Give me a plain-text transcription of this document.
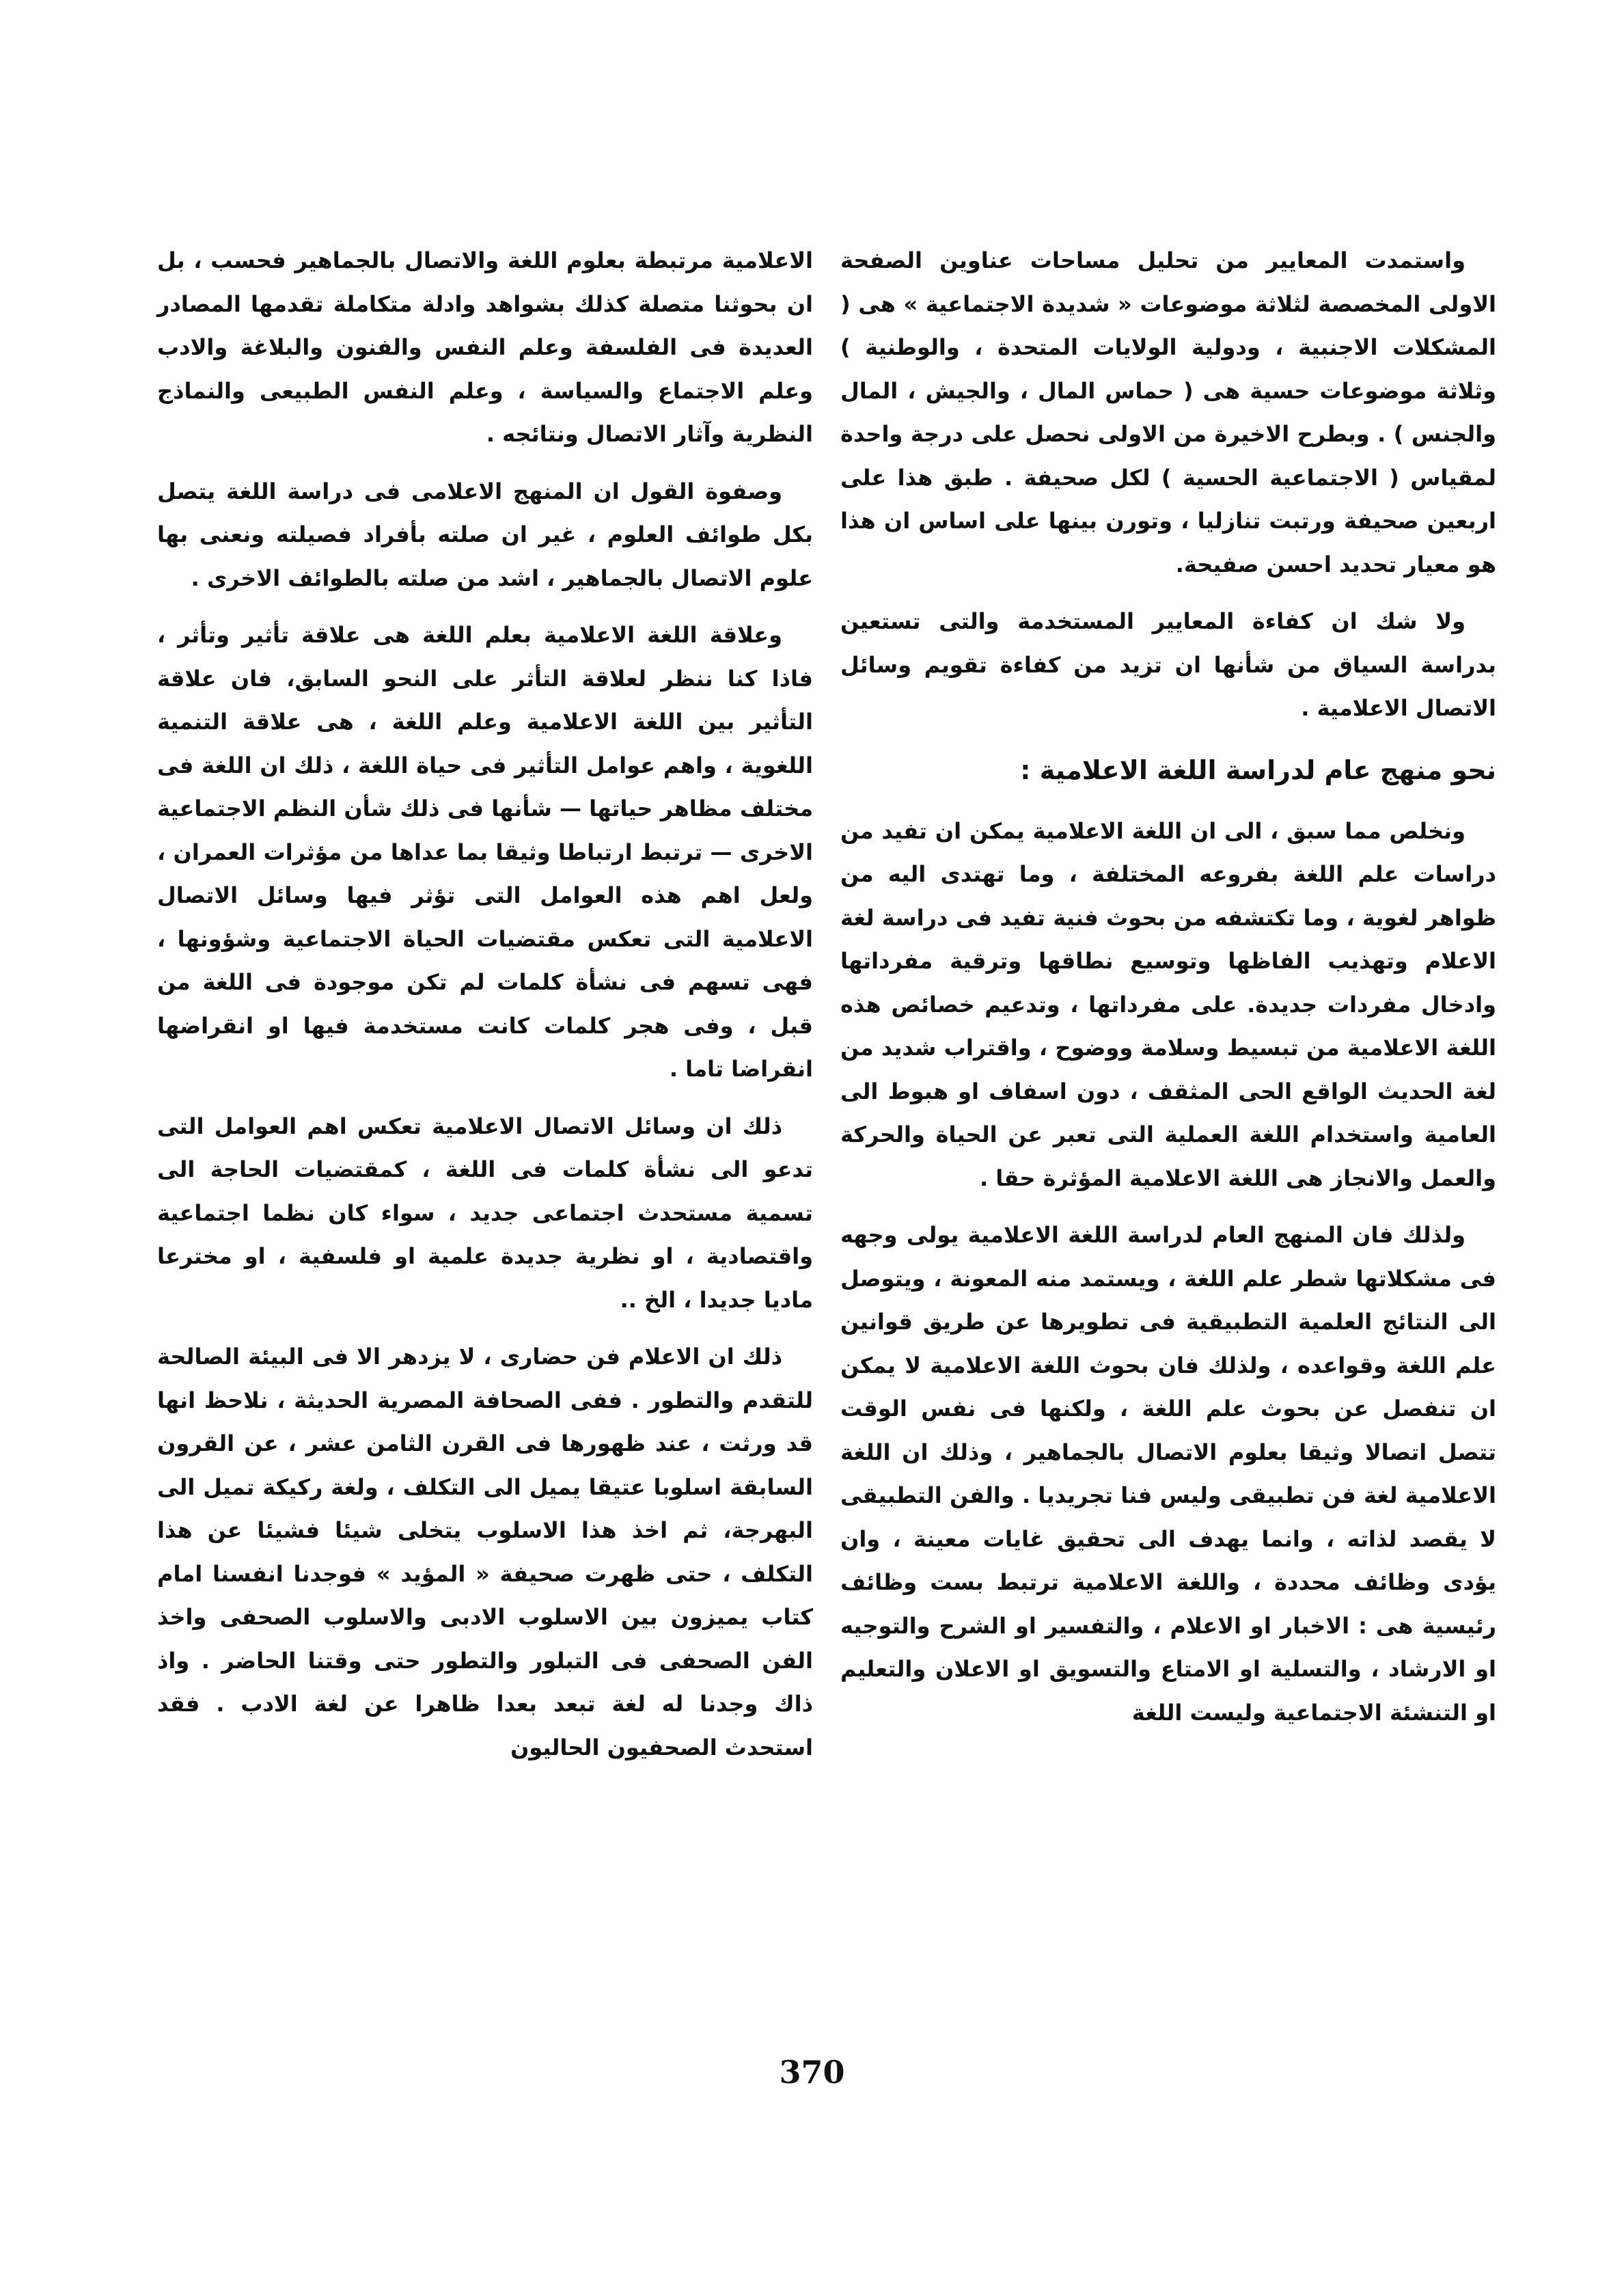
واستمدت المعايير من تحليل مساحات عناوين الصفحة الاولى المخصصة لثلاثة موضوعات « شديدة الاجتماعية » هى ( المشكلات الاجنبية ، ودولية الولايات المتحدة ، والوطنية ) وثلاثة موضوعات حسية هى ( حماس المال ، والجيش ، المال والجنس ) . وبطرح الاخيرة من الاولى نحصل على درجة واحدة لمقياس ( الاجتماعية الحسية ) لكل صحيفة . طبق هذا على اربعين صحيفة ورتبت تنازليا ، وتورن بينها على اساس ان هذا هو معيار تحديد احسن صفيحة.

ولا شك ان كفاءة المعايير المستخدمة والتى تستعين بدراسة السياق من شأنها ان تزيد من كفاءة تقويم وسائل الاتصال الاعلامية .

نحو منهج عام لدراسة اللغة الاعلامية :

ونخلص مما سبق ، الى ان اللغة الاعلامية يمكن ان تفيد من دراسات علم اللغة بفروعه المختلفة ، وما تهتدى اليه من ظواهر لغوية ، وما تكتشفه من بحوث فنية تفيد فى دراسة لغة الاعلام وتهذيب الفاظها وتوسيع نطاقها وترقية مفرداتها وادخال مفردات جديدة. على مفرداتها ، وتدعيم خصائص هذه اللغة الاعلامية من تبسيط وسلامة ووضوح ، واقتراب شديد من لغة الحديث الواقع الحى المثقف ، دون اسفاف او هبوط الى العامية واستخدام اللغة العملية التى تعبر عن الحياة والحركة والعمل والانجاز هى اللغة الاعلامية المؤثرة حقا .

ولذلك فان المنهج العام لدراسة اللغة الاعلامية يولى وجهه فى مشكلاتها شطر علم اللغة ، ويستمد منه المعونة ، ويتوصل الى النتائج العلمية التطبيقية فى تطويرها عن طريق قوانين علم اللغة وقواعده ، ولذلك فان بحوث اللغة الاعلامية لا يمكن ان تنفصل عن بحوث علم اللغة ، ولكنها فى نفس الوقت تتصل اتصالا وثيقا بعلوم الاتصال بالجماهير ، وذلك ان اللغة الاعلامية لغة فن تطبيقى وليس فنا تجريديا . والفن التطبيقى لا يقصد لذاته ، وانما يهدف الى تحقيق غايات معينة ، وان يؤدى وظائف محددة ، واللغة الاعلامية ترتبط بست وظائف رئيسية هى : الاخبار او الاعلام ، والتفسير او الشرح والتوجيه او الارشاد ، والتسلية او الامتاع والتسويق او الاعلان والتعليم او التنشئة الاجتماعية وليست اللغة

الاعلامية مرتبطة بعلوم اللغة والاتصال بالجماهير فحسب ، بل ان بحوثنا متصلة كذلك بشواهد وادلة متكاملة تقدمها المصادر العديدة فى الفلسفة وعلم النفس والفنون والبلاغة والادب وعلم الاجتماع والسياسة ، وعلم النفس الطبيعى والنماذج النظرية وآثار الاتصال ونتائجه .

وصفوة القول ان المنهج الاعلامى فى دراسة اللغة يتصل بكل طوائف العلوم ، غير ان صلته بأفراد فصيلته ونعنى بها علوم الاتصال بالجماهير ، اشد من صلته بالطوائف الاخرى .

وعلاقة اللغة الاعلامية بعلم اللغة هى علاقة تأثير وتأثر ، فاذا كنا ننظر لعلاقة التأثر على النحو السابق، فان علاقة التأثير بين اللغة الاعلامية وعلم اللغة ، هى علاقة التنمية اللغوية ، واهم عوامل التأثير فى حياة اللغة ، ذلك ان اللغة فى مختلف مظاهر حياتها — شأنها فى ذلك شأن النظم الاجتماعية الاخرى — ترتبط ارتباطا وثيقا بما عداها من مؤثرات العمران ، ولعل اهم هذه العوامل التى تؤثر فيها وسائل الاتصال الاعلامية التى تعكس مقتضيات الحياة الاجتماعية وشؤونها ، فهى تسهم فى نشأة كلمات لم تكن موجودة فى اللغة من قبل ، وفى هجر كلمات كانت مستخدمة فيها او انقراضها انقراضا تاما .

ذلك ان وسائل الاتصال الاعلامية تعكس اهم العوامل التى تدعو الى نشأة كلمات فى اللغة ، كمقتضيات الحاجة الى تسمية مستحدث اجتماعى جديد ، سواء كان نظما اجتماعية واقتصادية ، او نظرية جديدة علمية او فلسفية ، او مخترعا ماديا جديدا ، الخ ..

ذلك ان الاعلام فن حضارى ، لا يزدهر الا فى البيئة الصالحة للتقدم والتطور . ففى الصحافة المصرية الحديثة ، نلاحظ انها قد ورثت ، عند ظهورها فى القرن الثامن عشر ، عن القرون السابقة اسلوبا عتيقا يميل الى التكلف ، ولغة ركيكة تميل الى البهرجة، ثم اخذ هذا الاسلوب يتخلى شيئا فشيئا عن هذا التكلف ، حتى ظهرت صحيفة « المؤيد » فوجدنا انفسنا امام كتاب يميزون بين الاسلوب الادبى والاسلوب الصحفى واخذ الفن الصحفى فى التبلور والتطور حتى وقتنا الحاضر . واذ ذاك وجدنا له لغة تبعد بعدا ظاهرا عن لغة الادب . فقد استحدث الصحفيون الحاليون

370
